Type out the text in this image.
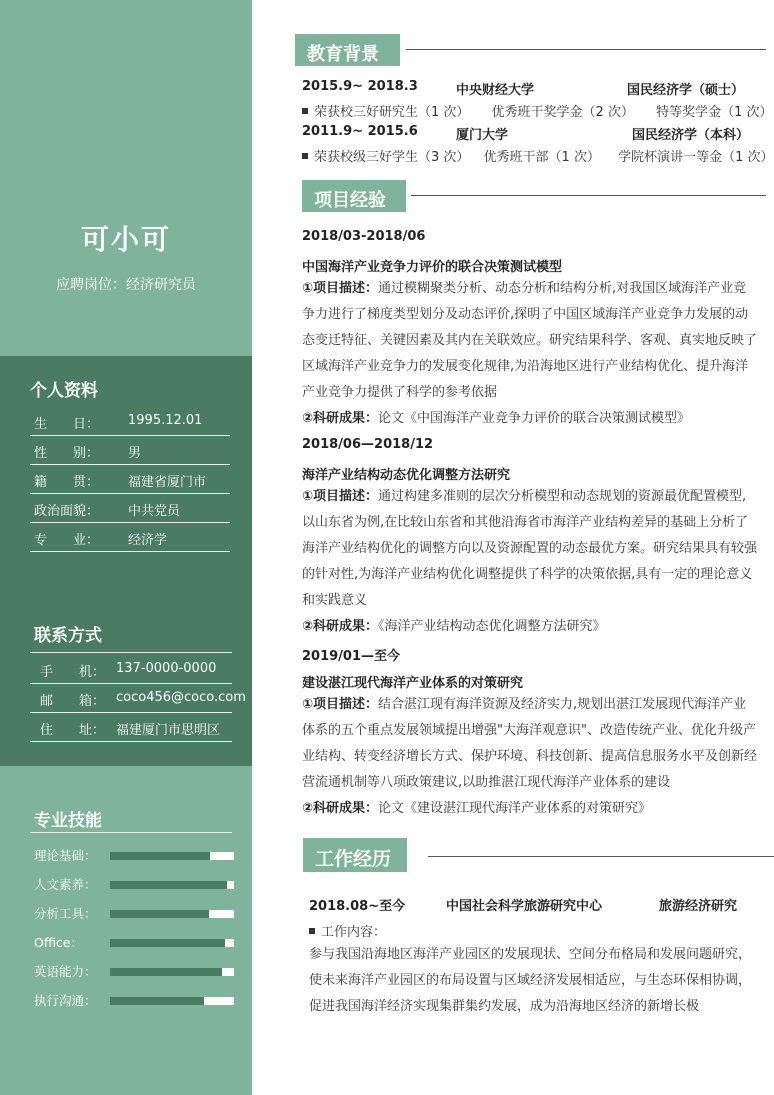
可小可
应聘岗位：经济研究员
个人资料
生　　日： 1995.12.01
性　　别： 男
籍　　贯： 福建省厦门市
政治面貌： 中共党员
专　　业： 经济学
联系方式
手　　机： 137-0000-0000
邮　　箱： coco456@coco.com
住　　址： 福建厦门市思明区
专业技能
理论基础：
人文素养：
分析工具：
Office：
英语能力：
执行沟通：
教育背景
2015.9~ 2018.3	中央财经大学	国民经济学（硕士）
荣获校三好研究生（1 次） 优秀班干奖学金（2 次） 特等奖学金（1 次）
2011.9~ 2015.6	厦门大学	国民经济学（本科）
荣获校级三好学生（3 次） 优秀班干部（1 次） 学院杯演讲一等金（1 次）
项目经验
2018/03-2018/06
中国海洋产业竞争力评价的联合决策测试模型
①项目描述：通过模糊聚类分析、动态分析和结构分析,对我国区域海洋产业竞争力进行了梯度类型划分及动态评价,探明了中国区域海洋产业竞争力发展的动态变迁特征、关键因素及其内在关联效应。研究结果科学、客观、真实地反映了区域海洋产业竞争力的发展变化规律,为沿海地区进行产业结构优化、提升海洋产业竞争力提供了科学的参考依据
②科研成果：论文《中国海洋产业竞争力评价的联合决策测试模型》
2018/06—2018/12
海洋产业结构动态优化调整方法研究
①项目描述：通过构建多准则的层次分析模型和动态规划的资源最优配置模型,以山东省为例,在比较山东省和其他沿海省市海洋产业结构差异的基础上分析了海洋产业结构优化的调整方向以及资源配置的动态最优方案。研究结果具有较强的针对性,为海洋产业结构优化调整提供了科学的决策依据,具有一定的理论意义和实践意义
②科研成果：《海洋产业结构动态优化调整方法研究》
2019/01—至今
建设湛江现代海洋产业体系的对策研究
①项目描述：结合湛江现有海洋资源及经济实力,规划出湛江发展现代海洋产业体系的五个重点发展领域提出增强"大海洋观意识"、改造传统产业、优化升级产业结构、转变经济增长方式、保护环境、科技创新、提高信息服务水平及创新经营流通机制等八项政策建议,以助推湛江现代海洋产业体系的建设
②科研成果：论文《建设湛江现代海洋产业体系的对策研究》
工作经历
2018.08~至今	中国社会科学旅游研究中心	旅游经济研究
工作内容：
参与我国沿海地区海洋产业园区的发展现状、空间分布格局和发展问题研究，使未来海洋产业园区的布局设置与区域经济发展相适应，与生态环保相协调，促进我国海洋经济实现集群集约发展，成为沿海地区经济的新增长极
